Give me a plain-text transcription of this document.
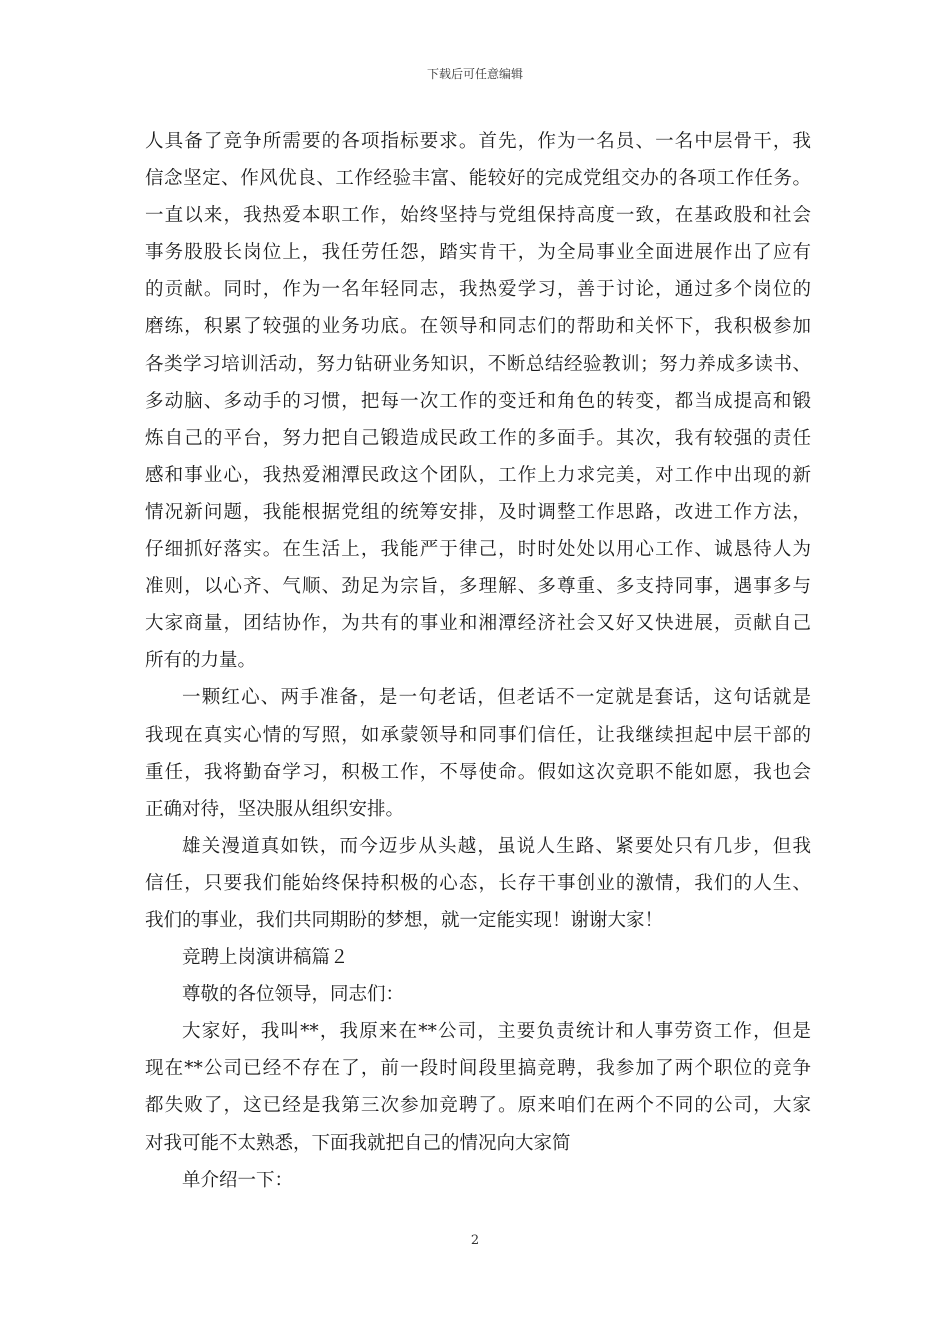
下载后可任意编辑
人具备了竞争所需要的各项指标要求。首先，作为一名员、一名中层骨干，我
信念坚定、作风优良、工作经验丰富、能较好的完成党组交办的各项工作任务。
一直以来，我热爱本职工作，始终坚持与党组保持高度一致，在基政股和社会
事务股股长岗位上，我任劳任怨，踏实肯干，为全局事业全面进展作出了应有
的贡献。同时，作为一名年轻同志，我热爱学习，善于讨论，通过多个岗位的
磨练，积累了较强的业务功底。在领导和同志们的帮助和关怀下，我积极参加
各类学习培训活动，努力钻研业务知识，不断总结经验教训；努力养成多读书、
多动脑、多动手的习惯，把每一次工作的变迁和角色的转变，都当成提高和锻
炼自己的平台，努力把自己锻造成民政工作的多面手。其次，我有较强的责任
感和事业心，我热爱湘潭民政这个团队，工作上力求完美，对工作中出现的新
情况新问题，我能根据党组的统筹安排，及时调整工作思路，改进工作方法，
仔细抓好落实。在生活上，我能严于律己，时时处处以用心工作、诚恳待人为
准则，以心齐、气顺、劲足为宗旨，多理解、多尊重、多支持同事，遇事多与
大家商量，团结协作，为共有的事业和湘潭经济社会又好又快进展，贡献自己
所有的力量。
一颗红心、两手准备，是一句老话，但老话不一定就是套话，这句话就是
我现在真实心情的写照，如承蒙领导和同事们信任，让我继续担起中层干部的
重任，我将勤奋学习，积极工作，不辱使命。假如这次竞职不能如愿，我也会
正确对待，坚决服从组织安排。
雄关漫道真如铁，而今迈步从头越，虽说人生路、紧要处只有几步，但我
信任，只要我们能始终保持积极的心态，长存干事创业的激情，我们的人生、
我们的事业，我们共同期盼的梦想，就一定能实现！谢谢大家！
竞聘上岗演讲稿篇２
尊敬的各位领导，同志们：
大家好，我叫**，我原来在**公司，主要负责统计和人事劳资工作，但是
现在**公司已经不存在了，前一段时间段里搞竞聘，我参加了两个职位的竞争
都失败了，这已经是我第三次参加竞聘了。原来咱们在两个不同的公司，大家
对我可能不太熟悉，下面我就把自己的情况向大家简
单介绍一下：
2
